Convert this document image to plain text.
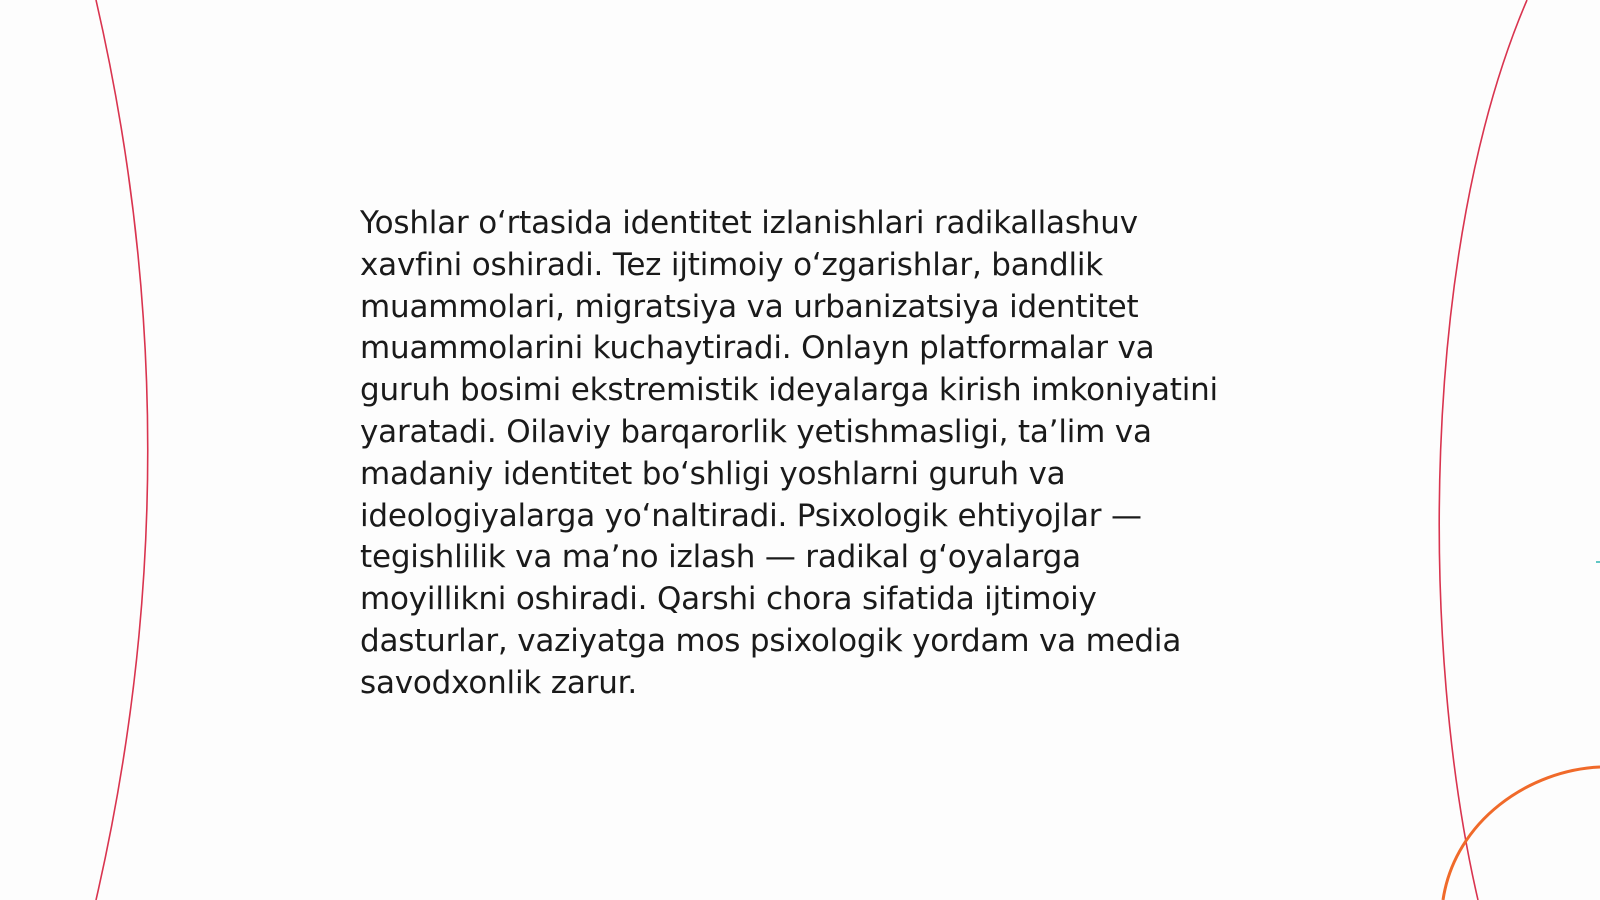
Yoshlar oʻrtasida identitet izlanishlari radikallashuv xavfini oshiradi. Tez ijtimoiy oʻzgarishlar, bandlik muammolari, migratsiya va urbanizatsiya identitet muammolarini kuchaytiradi. Onlayn platformalar va guruh bosimi ekstremistik ideyalarga kirish imkoniyatini yaratadi. Oilaviy barqarorlik yetishmasligi, taʼlim va madaniy identitet boʻshligi yoshlarni guruh va ideologiyalarga yoʻnaltiradi. Psixologik ehtiyojlar — tegishlilik va maʼno izlash — radikal gʻoyalarga moyillikni oshiradi. Qarshi chora sifatida ijtimoiy dasturlar, vaziyatga mos psixologik yordam va media savodxonlik zarur.
